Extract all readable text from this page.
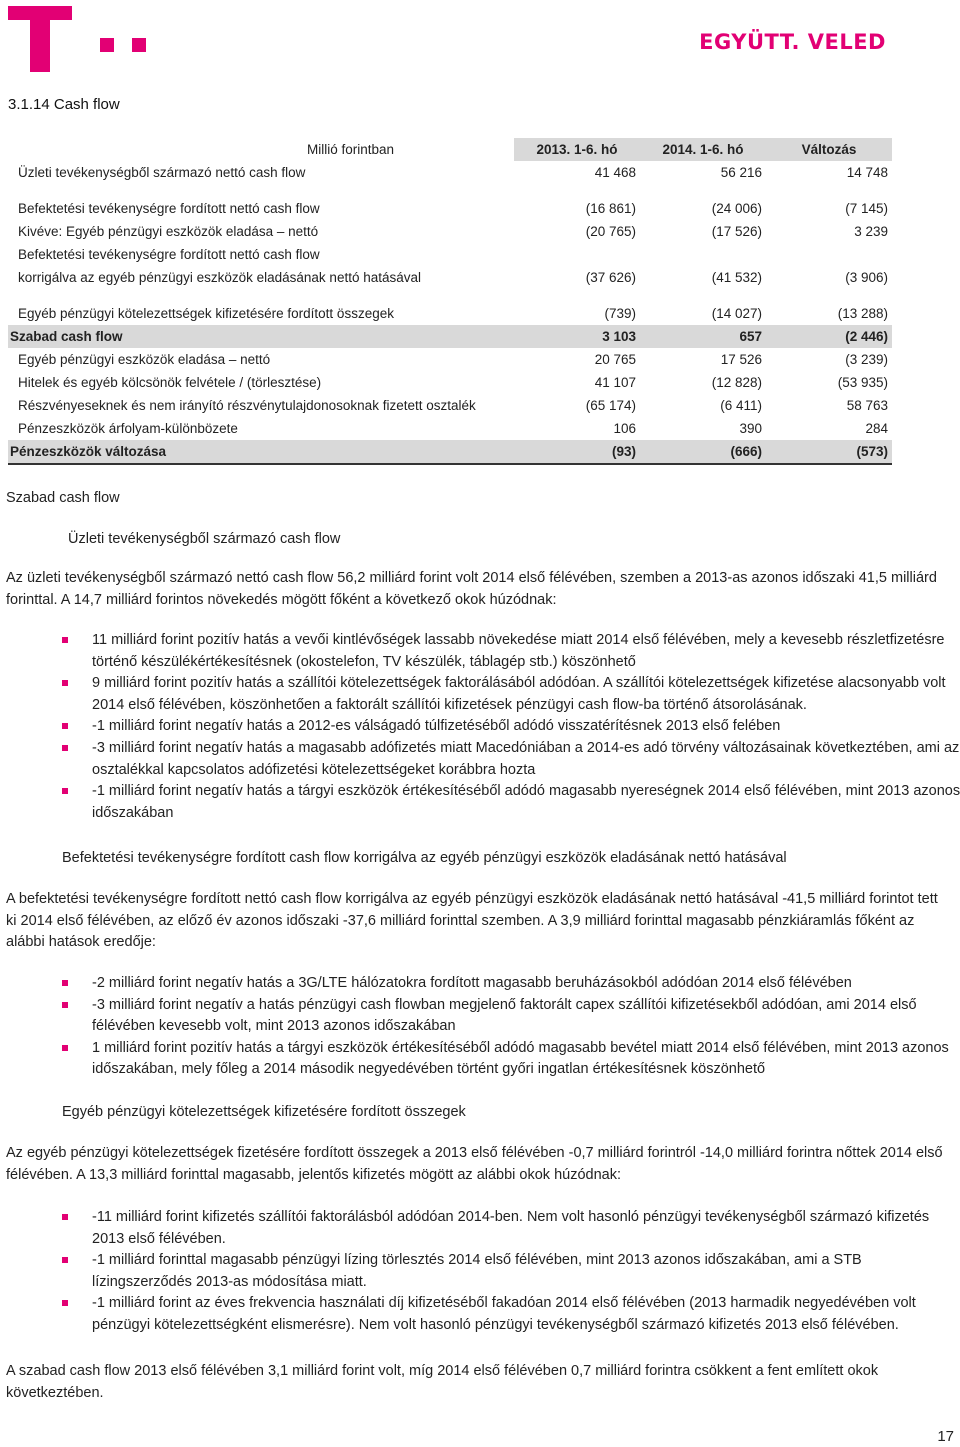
EGYÜTT. VELED
3.1.14 Cash flow
Millió forintban	2013. 1-6. hó	2014. 1-6. hó	Változás
Üzleti tevékenységből származó nettó cash flow	41 468	56 216	14 748

Befektetési tevékenységre fordított nettó cash flow	(16 861)	(24 006)	(7 145)
Kivéve: Egyéb pénzügyi eszközök eladása – nettó	(20 765)	(17 526)	3 239
Befektetési tevékenységre fordított nettó cash flow			
korrigálva az egyéb pénzügyi eszközök eladásának nettó hatásával	(37 626)	(41 532)	(3 906)

Egyéb pénzügyi kötelezettségek kifizetésére fordított összegek	(739)	(14 027)	(13 288)
Szabad cash flow	3 103	657	(2 446)
Egyéb pénzügyi eszközök eladása – nettó	20 765	17 526	(3 239)
Hitelek és egyéb kölcsönök felvétele / (törlesztése)	41 107	(12 828)	(53 935)
Részvényeseknek és nem irányító részvénytulajdonosoknak fizetett osztalék	(65 174)	(6 411)	58 763
Pénzeszközök árfolyam-különbözete	106	390	284
Pénzeszközök változása	(93)	(666)	(573)
Szabad cash flow
Üzleti tevékenységből származó cash flow
Az üzleti tevékenységből származó nettó cash flow 56,2 milliárd forint volt 2014 első félévében, szemben a 2013-as azonos időszaki 41,5 milliárd forinttal. A 14,7 milliárd forintos növekedés mögött főként a következő okok húzódnak:
11 milliárd forint pozitív hatás a vevői kintlévőségek lassabb növekedése miatt 2014 első félévében, mely a kevesebb részletfizetésre történő készülékértékesítésnek (okostelefon, TV készülék, táblagép stb.) köszönhető
9 milliárd forint pozitív hatás a szállítói kötelezettségek faktorálásából adódóan. A szállítói kötelezettségek kifizetése alacsonyabb volt 2014 első félévében, köszönhetően a faktorált szállítói kifizetések pénzügyi cash flow-ba történő átsorolásának.
-1 milliárd forint negatív hatás a 2012-es válságadó túlfizetéséből adódó visszatérítésnek 2013 első felében
-3 milliárd forint negatív hatás a magasabb adófizetés miatt Macedóniában a 2014-es adó törvény változásainak következtében, ami az osztalékkal kapcsolatos adófizetési kötelezettségeket korábbra hozta
-1 milliárd forint negatív hatás a tárgyi eszközök értékesítéséből adódó magasabb nyereségnek 2014 első félévében, mint 2013 azonos időszakában
Befektetési tevékenységre fordított cash flow korrigálva az egyéb pénzügyi eszközök eladásának nettó hatásával
A befektetési tevékenységre fordított nettó cash flow korrigálva az egyéb pénzügyi eszközök eladásának nettó hatásával -41,5 milliárd forintot tett ki 2014 első félévében, az előző év azonos időszaki -37,6 milliárd forinttal szemben. A 3,9 milliárd forinttal magasabb pénzkiáramlás főként az alábbi hatások eredője:
-2 milliárd forint negatív hatás a 3G/LTE hálózatokra fordított magasabb beruházásokból adódóan 2014 első félévében
-3 milliárd forint negatív a hatás pénzügyi cash flowban megjelenő faktorált capex szállítói kifizetésekből adódóan, ami 2014 első félévében kevesebb volt, mint 2013 azonos időszakában
1 milliárd forint pozitív hatás a tárgyi eszközök értékesítéséből adódó magasabb bevétel miatt 2014 első félévében, mint 2013 azonos időszakában, mely főleg a 2014 második negyedévében történt győri ingatlan értékesítésnek köszönhető
Egyéb pénzügyi kötelezettségek kifizetésére fordított összegek
Az egyéb pénzügyi kötelezettségek fizetésére fordított összegek a 2013 első félévében -0,7 milliárd forintról -14,0 milliárd forintra nőttek 2014 első félévében. A 13,3 milliárd forinttal magasabb, jelentős kifizetés mögött az alábbi okok húzódnak:
-11 milliárd forint kifizetés szállítói faktorálásból adódóan 2014-ben. Nem volt hasonló pénzügyi tevékenységből származó kifizetés 2013 első félévében.
-1 milliárd forinttal magasabb pénzügyi lízing törlesztés 2014 első félévében, mint 2013 azonos időszakában, ami a STB lízingszerződés 2013-as módosítása miatt.
-1 milliárd forint az éves frekvencia használati díj kifizetéséből fakadóan 2014 első félévében (2013 harmadik negyedévében volt pénzügyi kötelezettségként elismerésre). Nem volt hasonló pénzügyi tevékenységből származó kifizetés 2013 első félévében.
A szabad cash flow 2013 első félévében 3,1 milliárd forint volt, míg 2014 első félévében 0,7 milliárd forintra csökkent a fent említett okok következtében.
17
